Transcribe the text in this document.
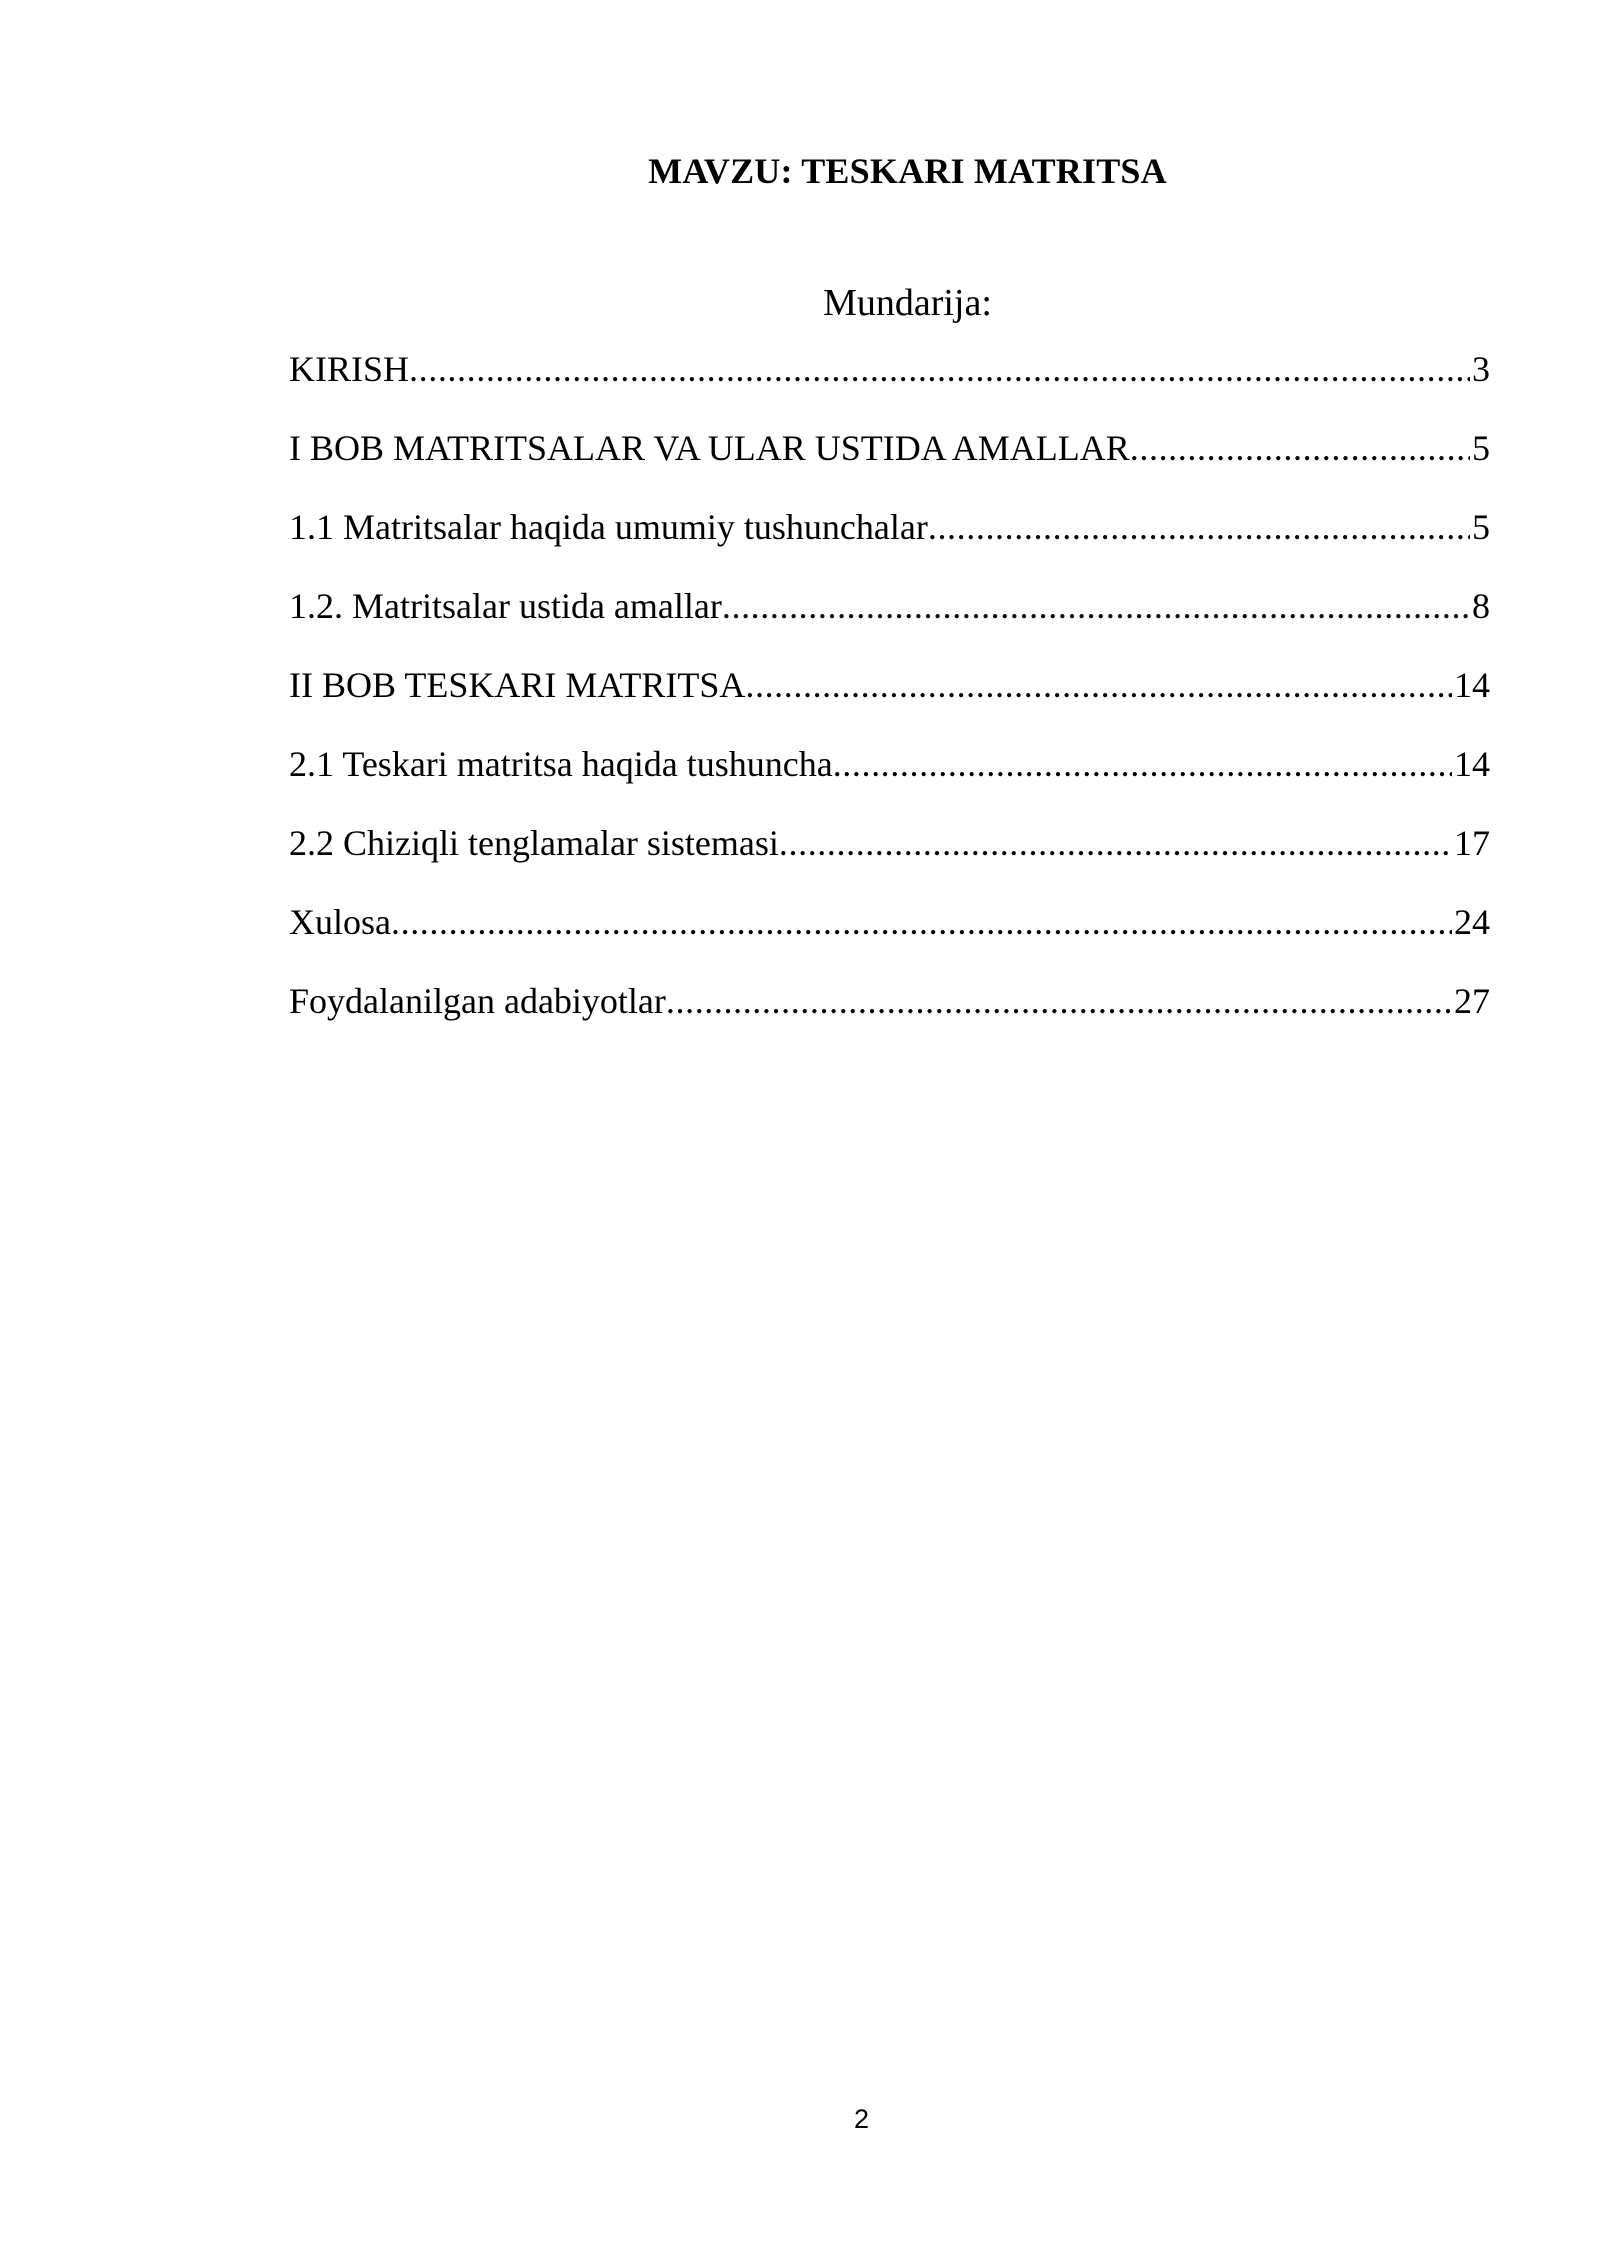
MAVZU: TESKARI MATRITSA

Mundarija:

KIRISH .....	3
I BOB MATRITSALAR VA ULAR USTIDA AMALLAR .....	5
1.1 Matritsalar haqida umumiy tushunchalar .....	5
1.2. Matritsalar ustida amallar .....	8
II BOB TESKARI MATRITSA .....	14
2.1 Teskari matritsa haqida tushuncha .....	14
2.2 Chiziqli tenglamalar sistemasi .....	17
Xulosa .....	24
Foydalanilgan adabiyotlar .....	27

2
